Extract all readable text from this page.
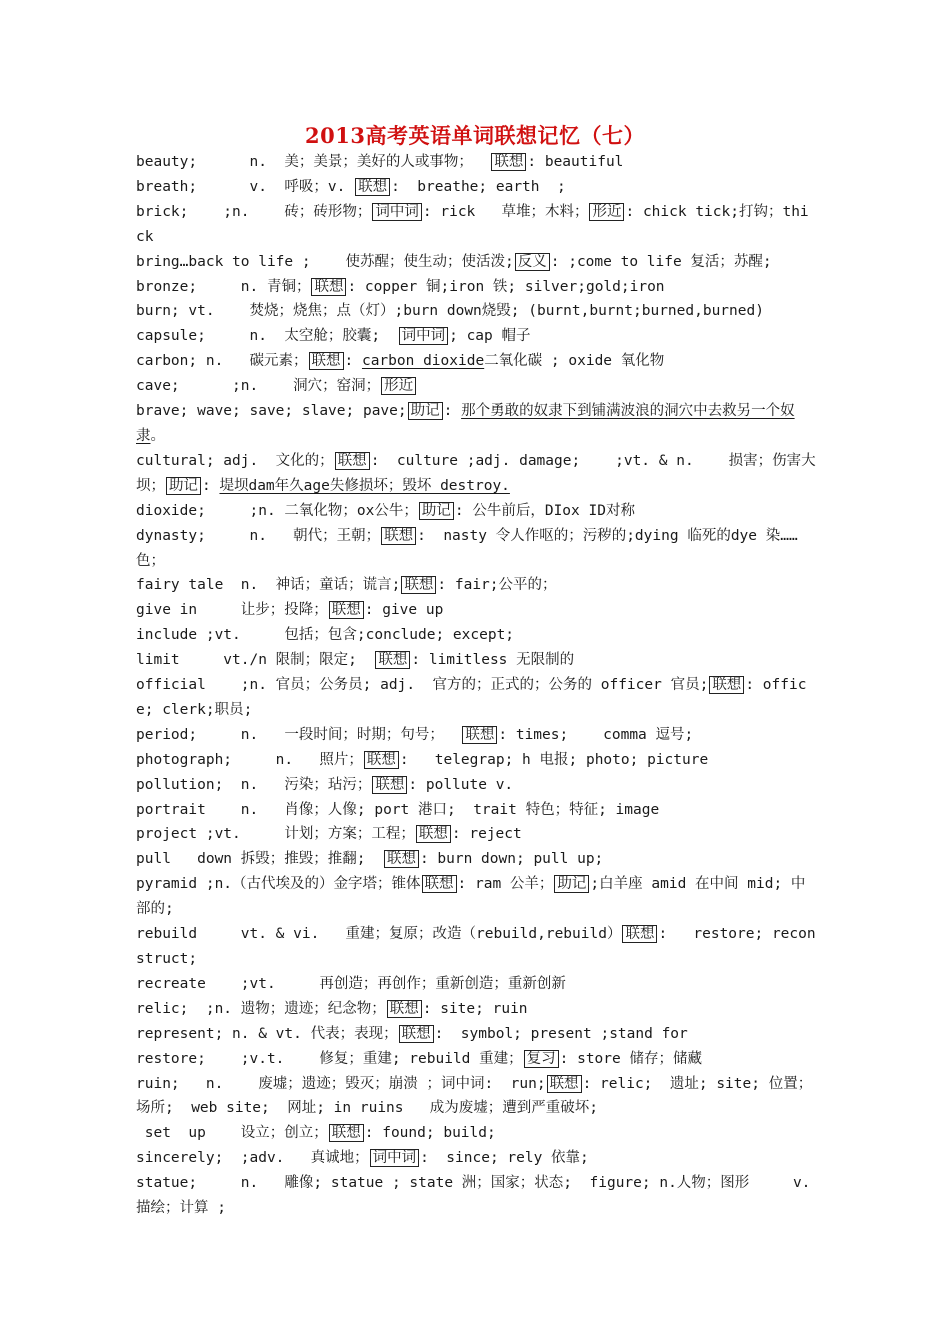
2013高考英语单词联想记忆（七）
beauty;      n.  美；美景；美好的人或事物；  联想 : beautiful
breath;      v.  呼吸；v. 联想 :  breathe; earth  ;
brick;    ;n.    砖；砖形物； 词中词 : rick   草堆；木料； 形近 : chick tick;打钩；thick
bring…back to life ;    使苏醒；使生动；使活泼; 反义 : ;come to life 复活；苏醒;
bronze;     n. 青铜； 联想 : copper 铜;iron 铁; silver;gold;iron
burn; vt.    焚烧；烧焦；点（灯）;burn down烧毁; (burnt,burnt;burned,burned)
capsule;     n.  太空舱；胶囊;  词中词 ; cap 帽子
carbon; n.   碳元素； 联想 : carbon dioxide二氧化碳 ; oxide 氧化物
cave;      ;n.    洞穴；窑洞； 形近
brave; wave; save; slave; pave; 助记 : 那个勇敢的奴隶下到铺满波浪的洞穴中去救另一个奴隶。
cultural; adj.  文化的； 联想 :  culture ;adj. damage;    ;vt. & n.    损害；伤害大坝； 助记 : 堤坝dam年久age失修损坏；毁坏 destroy.
dioxide;     ;n. 二氧化物；ox公牛； 助记 : 公牛前后，DIox ID对称
dynasty;     n.   朝代；王朝； 联想 :  nasty 令人作呕的；污秽的;dying 临死的dye 染……色；
fairy tale  n.  神话；童话；谎言; 联想 : fair;公平的；
give in     让步；投降； 联想 : give up
include ;vt.     包括；包含;conclude; except;
limit     vt./n 限制；限定;  联想 : limitless 无限制的
official    ;n. 官员；公务员; adj.  官方的；正式的；公务的 officer 官员; 联想 : office; clerk;职员;
period;     n.   一段时间；时期；句号；  联想 : times;    comma 逗号;
photograph;     n.   照片； 联想 :   telegrap; h 电报; photo; picture
pollution;  n.   污染；玷污； 联想 : pollute v.
portrait    n.   肖像；人像; port 港口;  trait 特色；特征; image
project ;vt.     计划；方案；工程； 联想 : reject
pull   down 拆毁；推毁；推翻;  联想 : burn down; pull up;
pyramid ;n.（古代埃及的）金字塔；锥体 联想 : ram 公羊； 助记 ;白羊座 amid 在中间 mid; 中部的;
rebuild     vt. & vi.   重建；复原；改造（rebuild,rebuild） 联想 :   restore; reconstruct;
recreate    ;vt.     再创造；再创作；重新创造；重新创新
relic;  ;n. 遗物；遗迹；纪念物； 联想 : site; ruin
represent; n. & vt. 代表；表现； 联想 :  symbol; present ;stand for
restore;    ;v.t.    修复；重建; rebuild 重建； 复习 : store 储存；储藏
ruin;   n.    废墟；遗迹；毁灭；崩溃 ；词中词:  run; 联想 : relic;  遗址; site; 位置；场所;  web site;  网址; in ruins   成为废墟；遭到严重破坏;
set  up    设立；创立； 联想 : found; build;
sincerely;  ;adv.   真诚地； 词中词 :  since; rely 依靠;
statue;     n.   雕像; statue ; state 洲；国家；状态;  figure; n.人物；图形     v. 描绘；计算 ;
